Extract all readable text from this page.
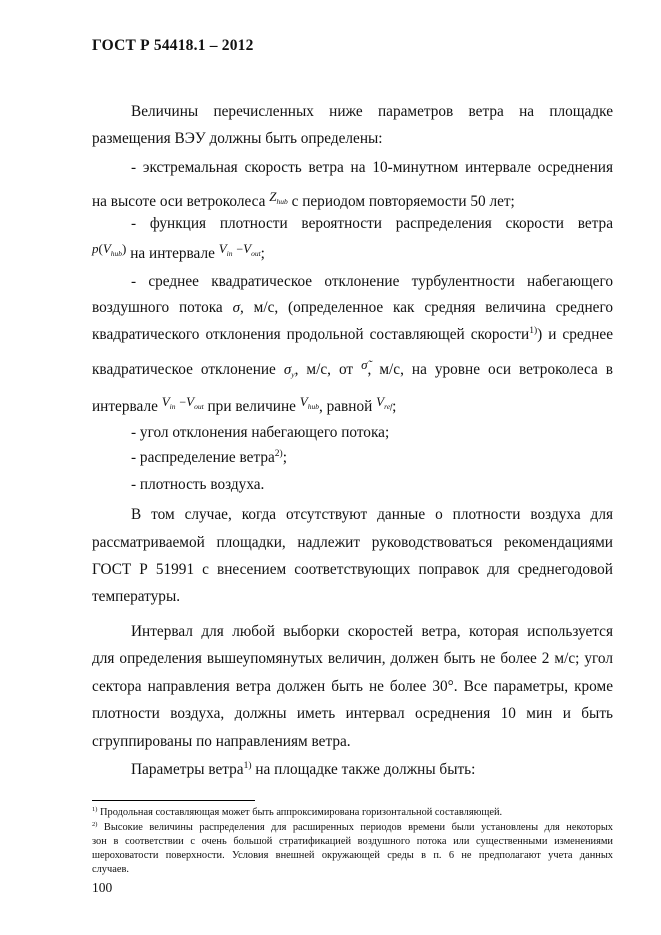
ГОСТ Р 54418.1 – 2012
Величины перечисленных ниже параметров ветра на площадке
размещения ВЭУ должны быть определены:
- экстремальная скорость ветра на 10-минутном интервале осреднения
на высоте оси ветроколеса Zhub с периодом повторяемости 50 лет;
- функция плотности вероятности распределения скорости ветра
p(Vhub) на интервале Vin −Vout;
- среднее квадратическое отклонение турбулентности набегающего
воздушного потока σ, м/с, (определенное как средняя величина среднего
квадратического отклонения продольной составляющей скорости$^{1)}$) и среднее
квадратическое отклонение σy, м/с, от σ̃, м/с, на уровне оси ветроколеса в
интервале Vin −Vout при величине Vhub, равной Vref;
- угол отклонения набегающего потока;
- распределение ветра$^{2)}$;
- плотность воздуха.
В том случае, когда отсутствуют данные о плотности воздуха для
рассматриваемой площадки, надлежит руководствоваться рекомендациями
ГОСТ Р 51991 с внесением соответствующих поправок для среднегодовой
температуры.
Интервал для любой выборки скоростей ветра, которая используется
для определения вышеупомянутых величин, должен быть не более 2 м/с; угол
сектора направления ветра должен быть не более 30°. Все параметры, кроме
плотности воздуха, должны иметь интервал осреднения 10 мин и быть
сгруппированы по направлениям ветра.
Параметры ветра$^{1)}$ на площадке также должны быть:
$^{1)}$ Продольная составляющая может быть аппроксимирована горизонтальной составляющей.
$^{2)}$ Высокие величины распределения для расширенных периодов времени были установлены для некоторых
зон в соответствии с очень большой стратификацией воздушного потока или существенными изменениями
шероховатости поверхности. Условия внешней окружающей среды в п. 6 не предполагают учета данных
случаев.
100
